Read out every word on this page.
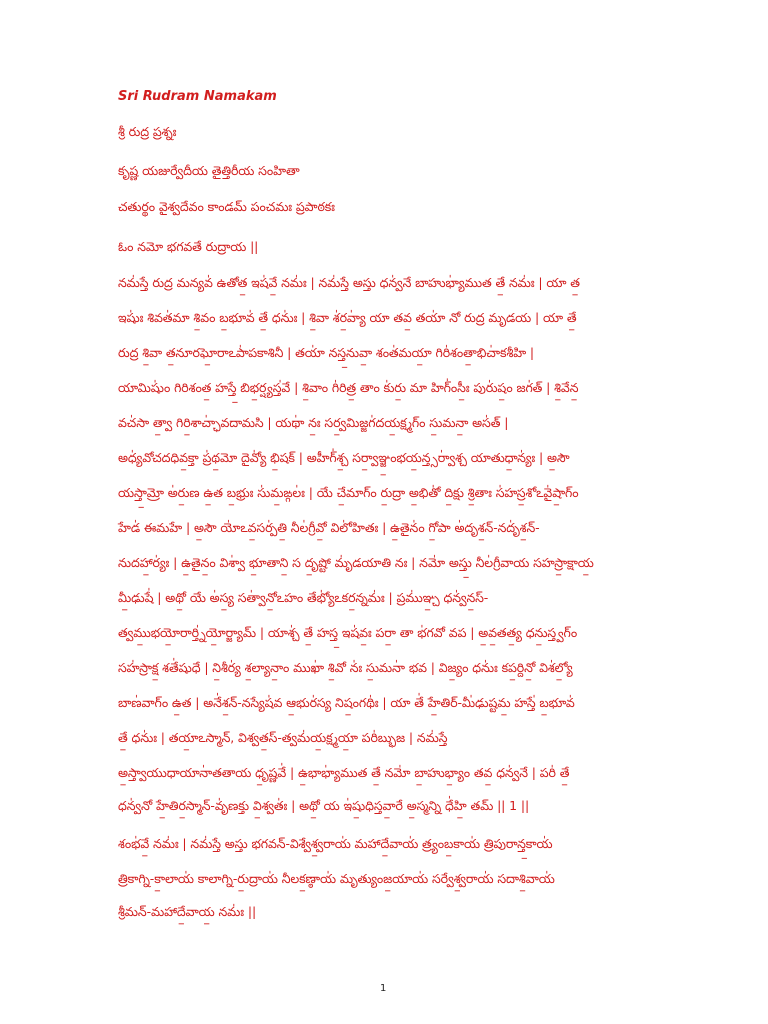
Sri Rudram Namakam
శ్రీ రుద్ర ప్రశ్నః
కృష్ణ యజుర్వేదీయ తైత్తిరీయ సంహితా
చతుర్థం వైశ్వదేవం కాండమ్ పంచమః ప్రపాఠకః
ఓం నమో భగవతే రుద్రాయ ||
నమ॑స్తే రుద్ర మన్యవ॑ ఉతోత॒ ఇష॑వే॒ నమః॑ | నమ॑స్తే అస్తు ధన్వ॑నే బాహుభ్యా॑ముత తే॒ నమః॑ | యా త॒
ఇషుః॑ శివత॑మా శి॒వం బ॒భూవ॑ తే॒ ధనుః॑ | శి॒వా శ॑ర॒వ్యా॑ యా తవ॒ తయా॑ నో రుద్ర మృడయ | యా తే॒
రుద్ర శి॒వా త॒నూరఘో॒రాఽపా॑పకాశినీ | తయా॑ నస్త॒నువా॒ శంత॑మయా॒ గిరి॑శంతా॒భిచా॑కశీహి |
యామిషుం॑ గిరిశంత॒ హస్తే॒ బిభ॒ర్ష్యస్త॑వే | శి॒వాం గి॑రిత్ర॒ తాం కు॑రు॒ మా హిగ్ం॑సీః॒ పురు॑షం॒ జగ॑త్ | శి॒వేన॒
వచ॑సా త్వా॒ గిరి॒శాచ్ఛా॑వదామసి | యథా॑ నః॒ సర్వ॒మిజ్జగ॑దయ॒క్ష్మగ్ం సు॒మనా॒ అస॑త్ |
అధ్య॑వోచదధివ॒క్తా ప్ర॑థ॒మో దైవ్యో॑ భి॒షక్ | అహీగ్॑శ్చ॒ సర్వా॒ఞ్జం॒భయ॒న్త్సర్వా॑శ్చ యాతుధా॒న్యః॑ | అ॒సౌ
యస్తా॒మ్రో అ॑రు॒ణ ఉ॒త బ॒భ్రుః సు॑మ॒ఙ్గలః॑ | యే చే॒మాగ్ం రు॒ద్రా అ॒భితో॑ ది॒క్షు శ్రి॒తాః స॑హస్ర॒శోఽవై॑షా॒గ్ం
హేడ॑ ఈమహే | అ॒సౌ యో॑ఽవ॒సర్ప॑తి॒ నీల॑గ్రీవో॒ విలో॑హితః | ఉ॒తైనం॑ గో॒పా అ॑దృశ॒న్-నదృ॑శ॒న్-
నుదహా॒ర్యః॑ | ఉ॒తైనం॒ విశ్వా॑ భూ॒తాని॒ స దృ॒ష్టో మృ॑డయాతి నః | నమో॑ అస్తు॒ నీల॑గ్రీవాయ సహస్రా॒క్షాయ॒
మీ॒ఢుషే॑ | అథో॒ యే అ॑స్య॒ సత్వా॑నో॒ఽహం తేభ్యో॑ఽకర॒న్నమః॑ | ప్రము॑ఞ్చ॒ ధన్వ॑న॒స్-
త్వము॒భయో॒రార్త్ని॑యో॒ర్జ్యామ్ | యాశ్చ॑ తే॒ హస్త॒ ఇష॑వః॒ పరా॒ తా భ॑గవో వప | అ॒వ॒తత్య॒ ధను॒స్త్వగ్ం
సహ॑స్రాక్ష॒ శతే॑షుధే | ని॒శీర్య॑ శ॒ల్యానాం॒ ముఖా॑ శి॒వో నః॑ సు॒మనా॑ భవ | విజ్యం॒ ధనుః॑ కప॒ర్దినో॒ విశ॑ల్యో॒
బాణ॑వాగ్ం ఉ॒త | అనే॑శ॒న్-నస్యేష॑వ ఆ॒భుర॑స్య నిషం॒గథిః॑ | యా తే॑ హే॒తిర్-మీ॑ఢుష్టమ॒ హస్తే॑ బ॒భూవ॑
తే॒ ధనుః॑ | తయా॒ఽస్మాన్, విశ్వత॒స్-త్వమ॑య॒క్ష్మయా॒ పరి॑బ్భుజ | నమ॑స్తే
అ॒స్త్వాయుధాయానా॑తతాయ ధృ॒ష్ణవే॑ | ఉ॒భాభ్యా॑ముత తే॒ నమో॑ బా॒హుభ్యాం॒ తవ॒ ధన్వ॑నే | పరి॑ తే॒
ధన్వ॑నో హే॒తిర॒స్మాన్-వృ॑ణక్తు వి॒శ్వతః॑ | అథో॒ య ఇ॑షు॒ధిస్తవా॒రే అ॒స్మన్ని ధే॑హి॒ తమ్ || 1 ||
శంభ॑వే॒ నమః॑ | నమ॑స్తే అస్తు భగవన్-విశ్వేశ్వ॒రాయ॑ మహాదే॒వాయ॑ త్ర్యంబ॒కాయ॑ త్రిపురాన్త॒కాయ॑
త్రికాగ్ని-కా॒లాయ॑ కాలాగ్ని-రు॒ద్రాయ॑ నీలక॒ణ్ఠాయ॑ మృత్యుంజ॒యాయ॑ సర్వేశ్వ॒రాయ॑ సదాశి॒వాయ॑
శ్రీమన్-మహాదే॒వాయ॒ నమః॑ ||
1
